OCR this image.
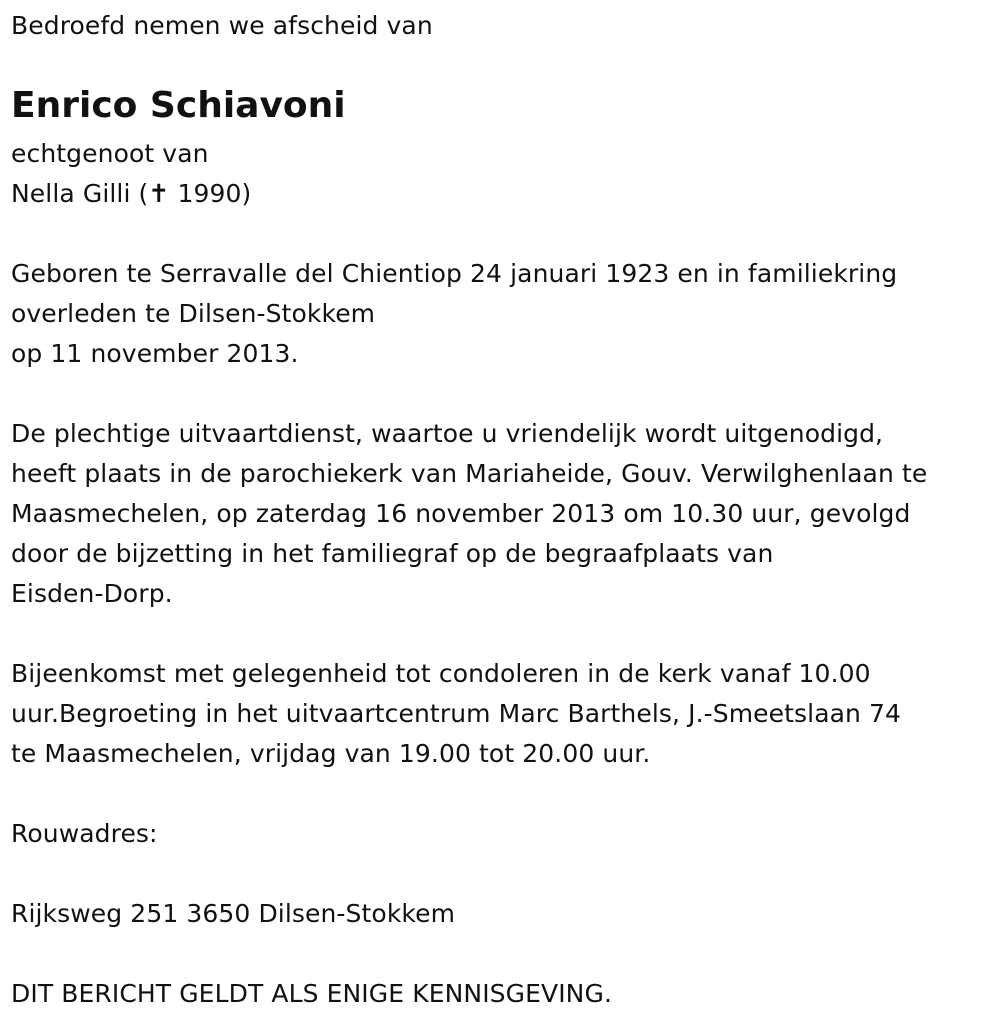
Bedroefd nemen we afscheid van
Enrico Schiavoni
echtgenoot van
Nella Gilli (✝ 1990)
Geboren te Serravalle del Chientiop 24 januari 1923 en in familiekring
overleden te Dilsen-Stokkem
op 11 november 2013.
De plechtige uitvaartdienst, waartoe u vriendelijk wordt uitgenodigd,
heeft plaats in de parochiekerk van Mariaheide, Gouv. Verwilghenlaan te
Maasmechelen, op zaterdag 16 november 2013 om 10.30 uur, gevolgd
door de bijzetting in het familiegraf op de begraafplaats van
Eisden-Dorp.
Bijeenkomst met gelegenheid tot condoleren in de kerk vanaf 10.00
uur.Begroeting in het uitvaartcentrum Marc Barthels, J.-Smeetslaan 74
te Maasmechelen, vrijdag van 19.00 tot 20.00 uur.
Rouwadres:
Rijksweg 251 3650 Dilsen-Stokkem
DIT BERICHT GELDT ALS ENIGE KENNISGEVING.
